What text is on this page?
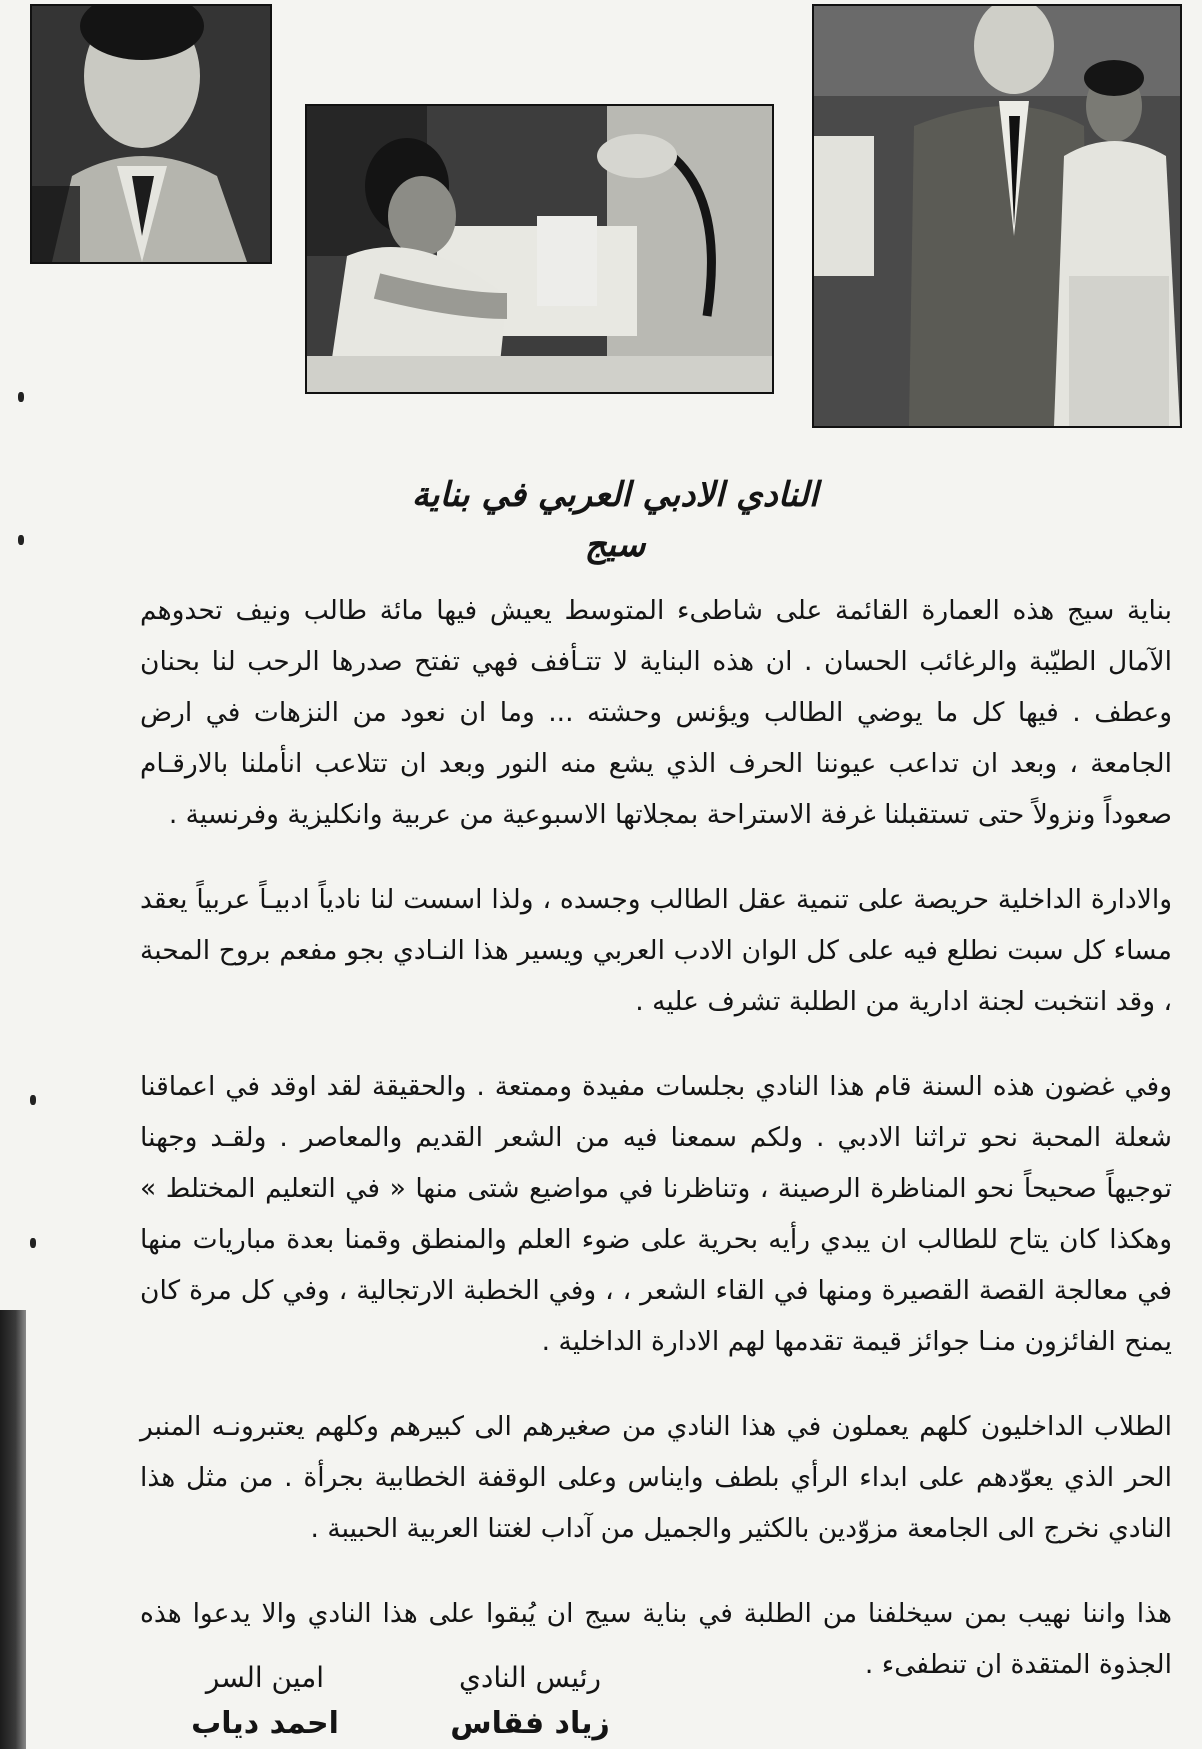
النادي الادبي العربي في بناية سيج

بناية سيج هذه العمارة القائمة على شاطىء المتوسط يعيش فيها مائة طالب ونيف تحدوهم الآمال الطيّبة والرغائب الحسان . ان هذه البناية لا تتـأفف فهي تفتح صدرها الرحب لنا بحنان وعطف . فيها كل ما يوضي الطالب ويؤنس وحشته ... وما ان نعود من النزهات في ارض الجامعة ، وبعد ان تداعب عيوننا الحرف الذي يشع منه النور وبعد ان تتلاعب انأملنا بالارقـام صعوداً ونزولاً حتى تستقبلنا غرفة الاستراحة بمجلاتها الاسبوعية من عربية وانكليزية وفرنسية .

والادارة الداخلية حريصة على تنمية عقل الطالب وجسده ، ولذا اسست لنا نادياً ادبيـاً عربياً يعقد مساء كل سبت نطلع فيه على كل الوان الادب العربي ويسير هذا النـادي بجو مفعم بروح المحبة ، وقد انتخبت لجنة ادارية من الطلبة تشرف عليه .

وفي غضون هذه السنة قام هذا النادي بجلسات مفيدة وممتعة . والحقيقة لقد اوقد في اعماقنا شعلة المحبة نحو تراثنا الادبي . ولكم سمعنا فيه من الشعر القديم والمعاصر . ولقـد وجهنا توجيهاً صحيحاً نحو المناظرة الرصينة ، وتناظرنا في مواضيع شتى منها « في التعليم المختلط » وهكذا كان يتاح للطالب ان يبدي رأيه بحرية على ضوء العلم والمنطق وقمنا بعدة مباريات منها في معالجة القصة القصيرة ومنها في القاء الشعر ، ، وفي الخطبة الارتجالية ، وفي كل مرة كان يمنح الفائزون منـا جوائز قيمة تقدمها لهم الادارة الداخلية .

الطلاب الداخليون كلهم يعملون في هذا النادي من صغيرهم الى كبيرهم وكلهم يعتبرونـه المنبر الحر الذي يعوّدهم على ابداء الرأي بلطف وايناس وعلى الوقفة الخطابية بجرأة . من مثل هذا النادي نخرج الى الجامعة مزوّدين بالكثير والجميل من آداب لغتنا العربية الحبيبة .

هذا واننا نهيب بمن سيخلفنا من الطلبة في بناية سيج ان يُبقوا على هذا النادي والا يدعوا هذه الجذوة المتقدة ان تنطفىء .

رئيس النادي
زياد فقاس
امين السر
احمد دياب
